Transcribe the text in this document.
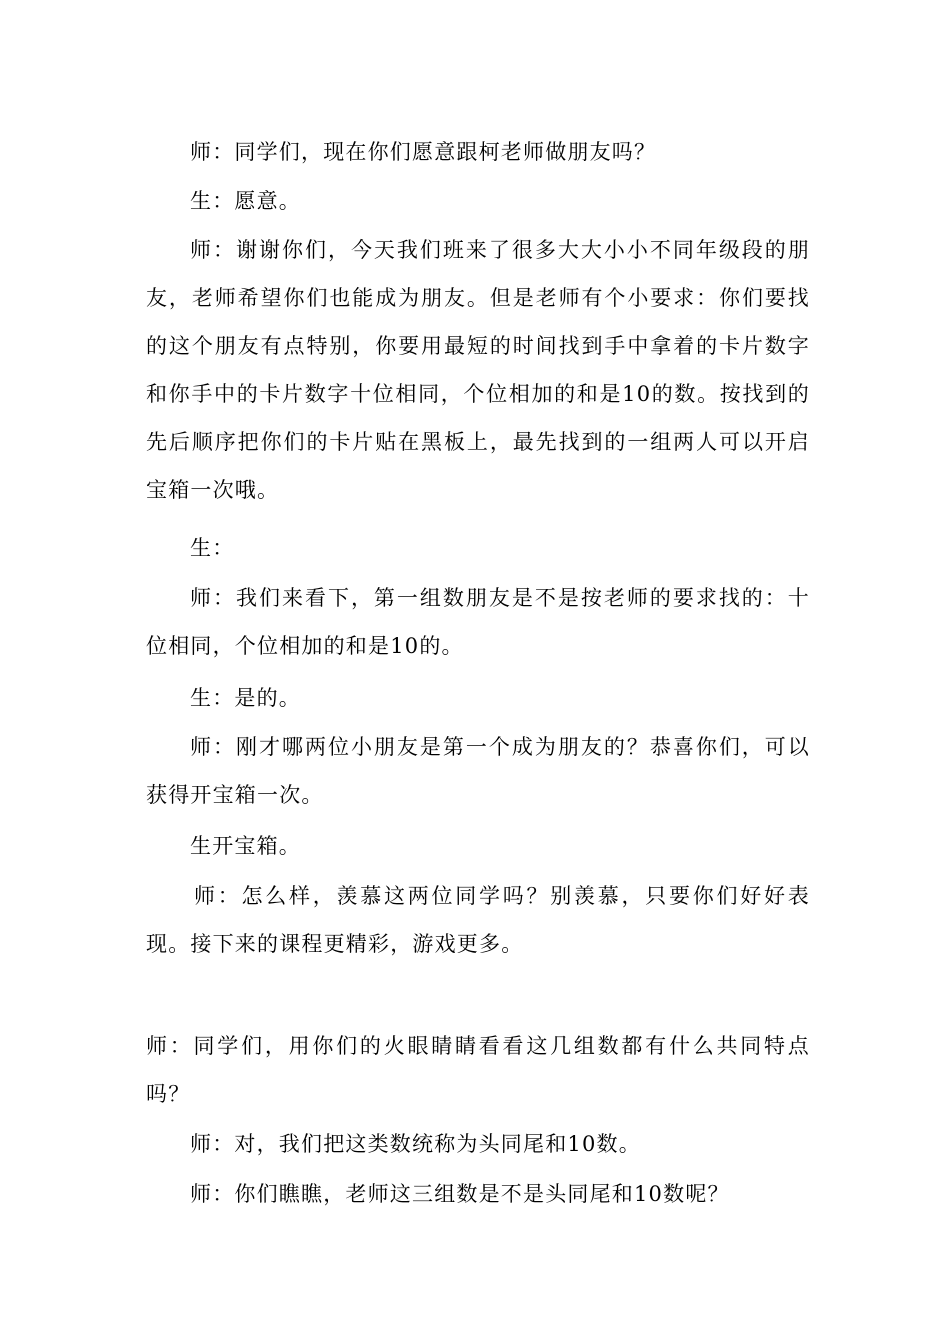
师：同学们，现在你们愿意跟柯老师做朋友吗？

生：愿意。

师：谢谢你们，今天我们班来了很多大大小小不同年级段的朋友，老师希望你们也能成为朋友。但是老师有个小要求：你们要找的这个朋友有点特别，你要用最短的时间找到手中拿着的卡片数字和你手中的卡片数字十位相同，个位相加的和是10的数。按找到的先后顺序把你们的卡片贴在黑板上，最先找到的一组两人可以开启宝箱一次哦。

生：

师：我们来看下，第一组数朋友是不是按老师的要求找的：十位相同，个位相加的和是10的。

生：是的。

师：刚才哪两位小朋友是第一个成为朋友的？恭喜你们，可以获得开宝箱一次。

生开宝箱。

师：怎么样，羡慕这两位同学吗？别羡慕，只要你们好好表现。接下来的课程更精彩，游戏更多。

师：同学们，用你们的火眼睛睛看看这几组数都有什么共同特点吗？

师：对，我们把这类数统称为头同尾和10数。

师：你们瞧瞧，老师这三组数是不是头同尾和10数呢？
